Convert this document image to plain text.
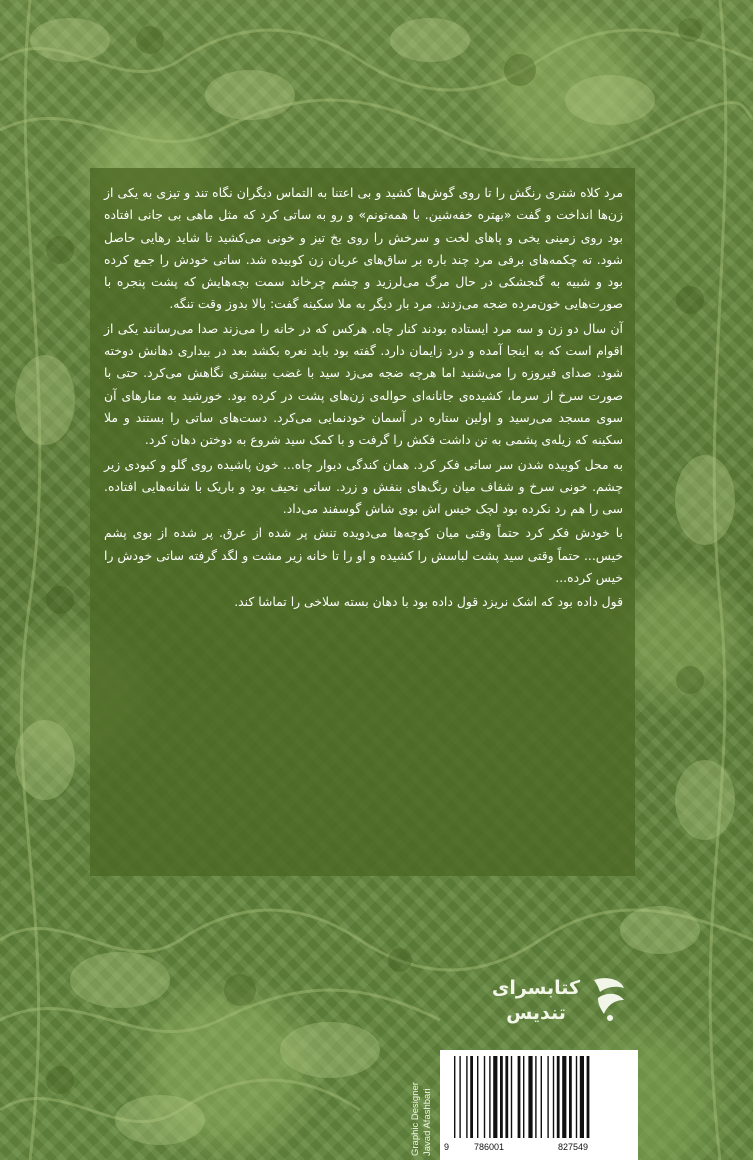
مرد کلاه شتری رنگش را تا روی گوش‌ها کشید و بی اعتنا به التماس دیگران نگاه تند و تیزی به یکی از زن‌ها انداخت و گفت «بهتره خفه‌شین. با همه‌تونم» و رو به ساتی کرد که مثل ماهی بی جانی افتاده بود روی زمینی یخی و پاهای لخت و سرخش را روی یخ تیز و خونی می‌کشید تا شاید رهایی حاصل شود. ته چکمه‌های برفی مرد چند باره بر ساق‌های عریان زن کوبیده شد. ساتی خودش را جمع کرده بود و شبیه به گنجشکی در حال مرگ می‌لرزید و چشم چرخاند سمت بچه‌هایش که پشت پنجره با صورت‌هایی خون‌مرده ضجه می‌زدند. مرد بار دیگر به ملا سکینه گفت: بالا بدوز وقت تنگه.

آن سال دو زن و سه مرد ایستاده بودند کنار چاه. هرکس که در خانه را می‌زند صدا می‌رسانند یکی از اقوام است که به اینجا آمده و درد زایمان دارد. گفته بود باید نعره بکشد بعد در بیداری دهانش دوخته شود. صدای فیروزه را می‌شنید اما هرچه ضجه می‌زد سید با غضب بیشتری نگاهش می‌کرد. حتی با صورت سرخ از سرما، کشیده‌ی جانانه‌ای حواله‌ی زن‌های پشت در کرده بود. خورشید به منارهای آن سوی مسجد می‌رسید و اولین ستاره در آسمان خودنمایی می‌کرد. دست‌های ساتی را بستند و ملا سکینه که زیله‌ی پشمی به تن داشت فکش را گرفت و با کمک سید شروع به دوختن دهان کرد.

به محل کوبیده شدن سر ساتی فکر کرد. همان کندگی دیوار چاه... خون پاشیده روی گلو و کبودی زیر چشم. خونی سرخ و شفاف میان رنگ‌های بنفش و زرد. ساتی نحیف بود و باریک با شانه‌هایی افتاده. سی را هم رد نکرده بود لچک خیس اش بوی شاش گوسفند می‌داد.

با خودش فکر کرد حتماً وقتی میان کوچه‌ها می‌دویده تنش پر شده از عرق. پر شده از بوی پشم خیس... حتماً وقتی سید پشت لباسش را کشیده و او را تا خانه زیر مشت و لگد گرفته ساتی خودش را خیس کرده...

قول داده بود که اشک نریزد قول داده بود با دهان بسته سلاخی را تماشا کند.

کتابسرای
تندیس
Graphic Designer Javad Afashbari 9	786001	827549
